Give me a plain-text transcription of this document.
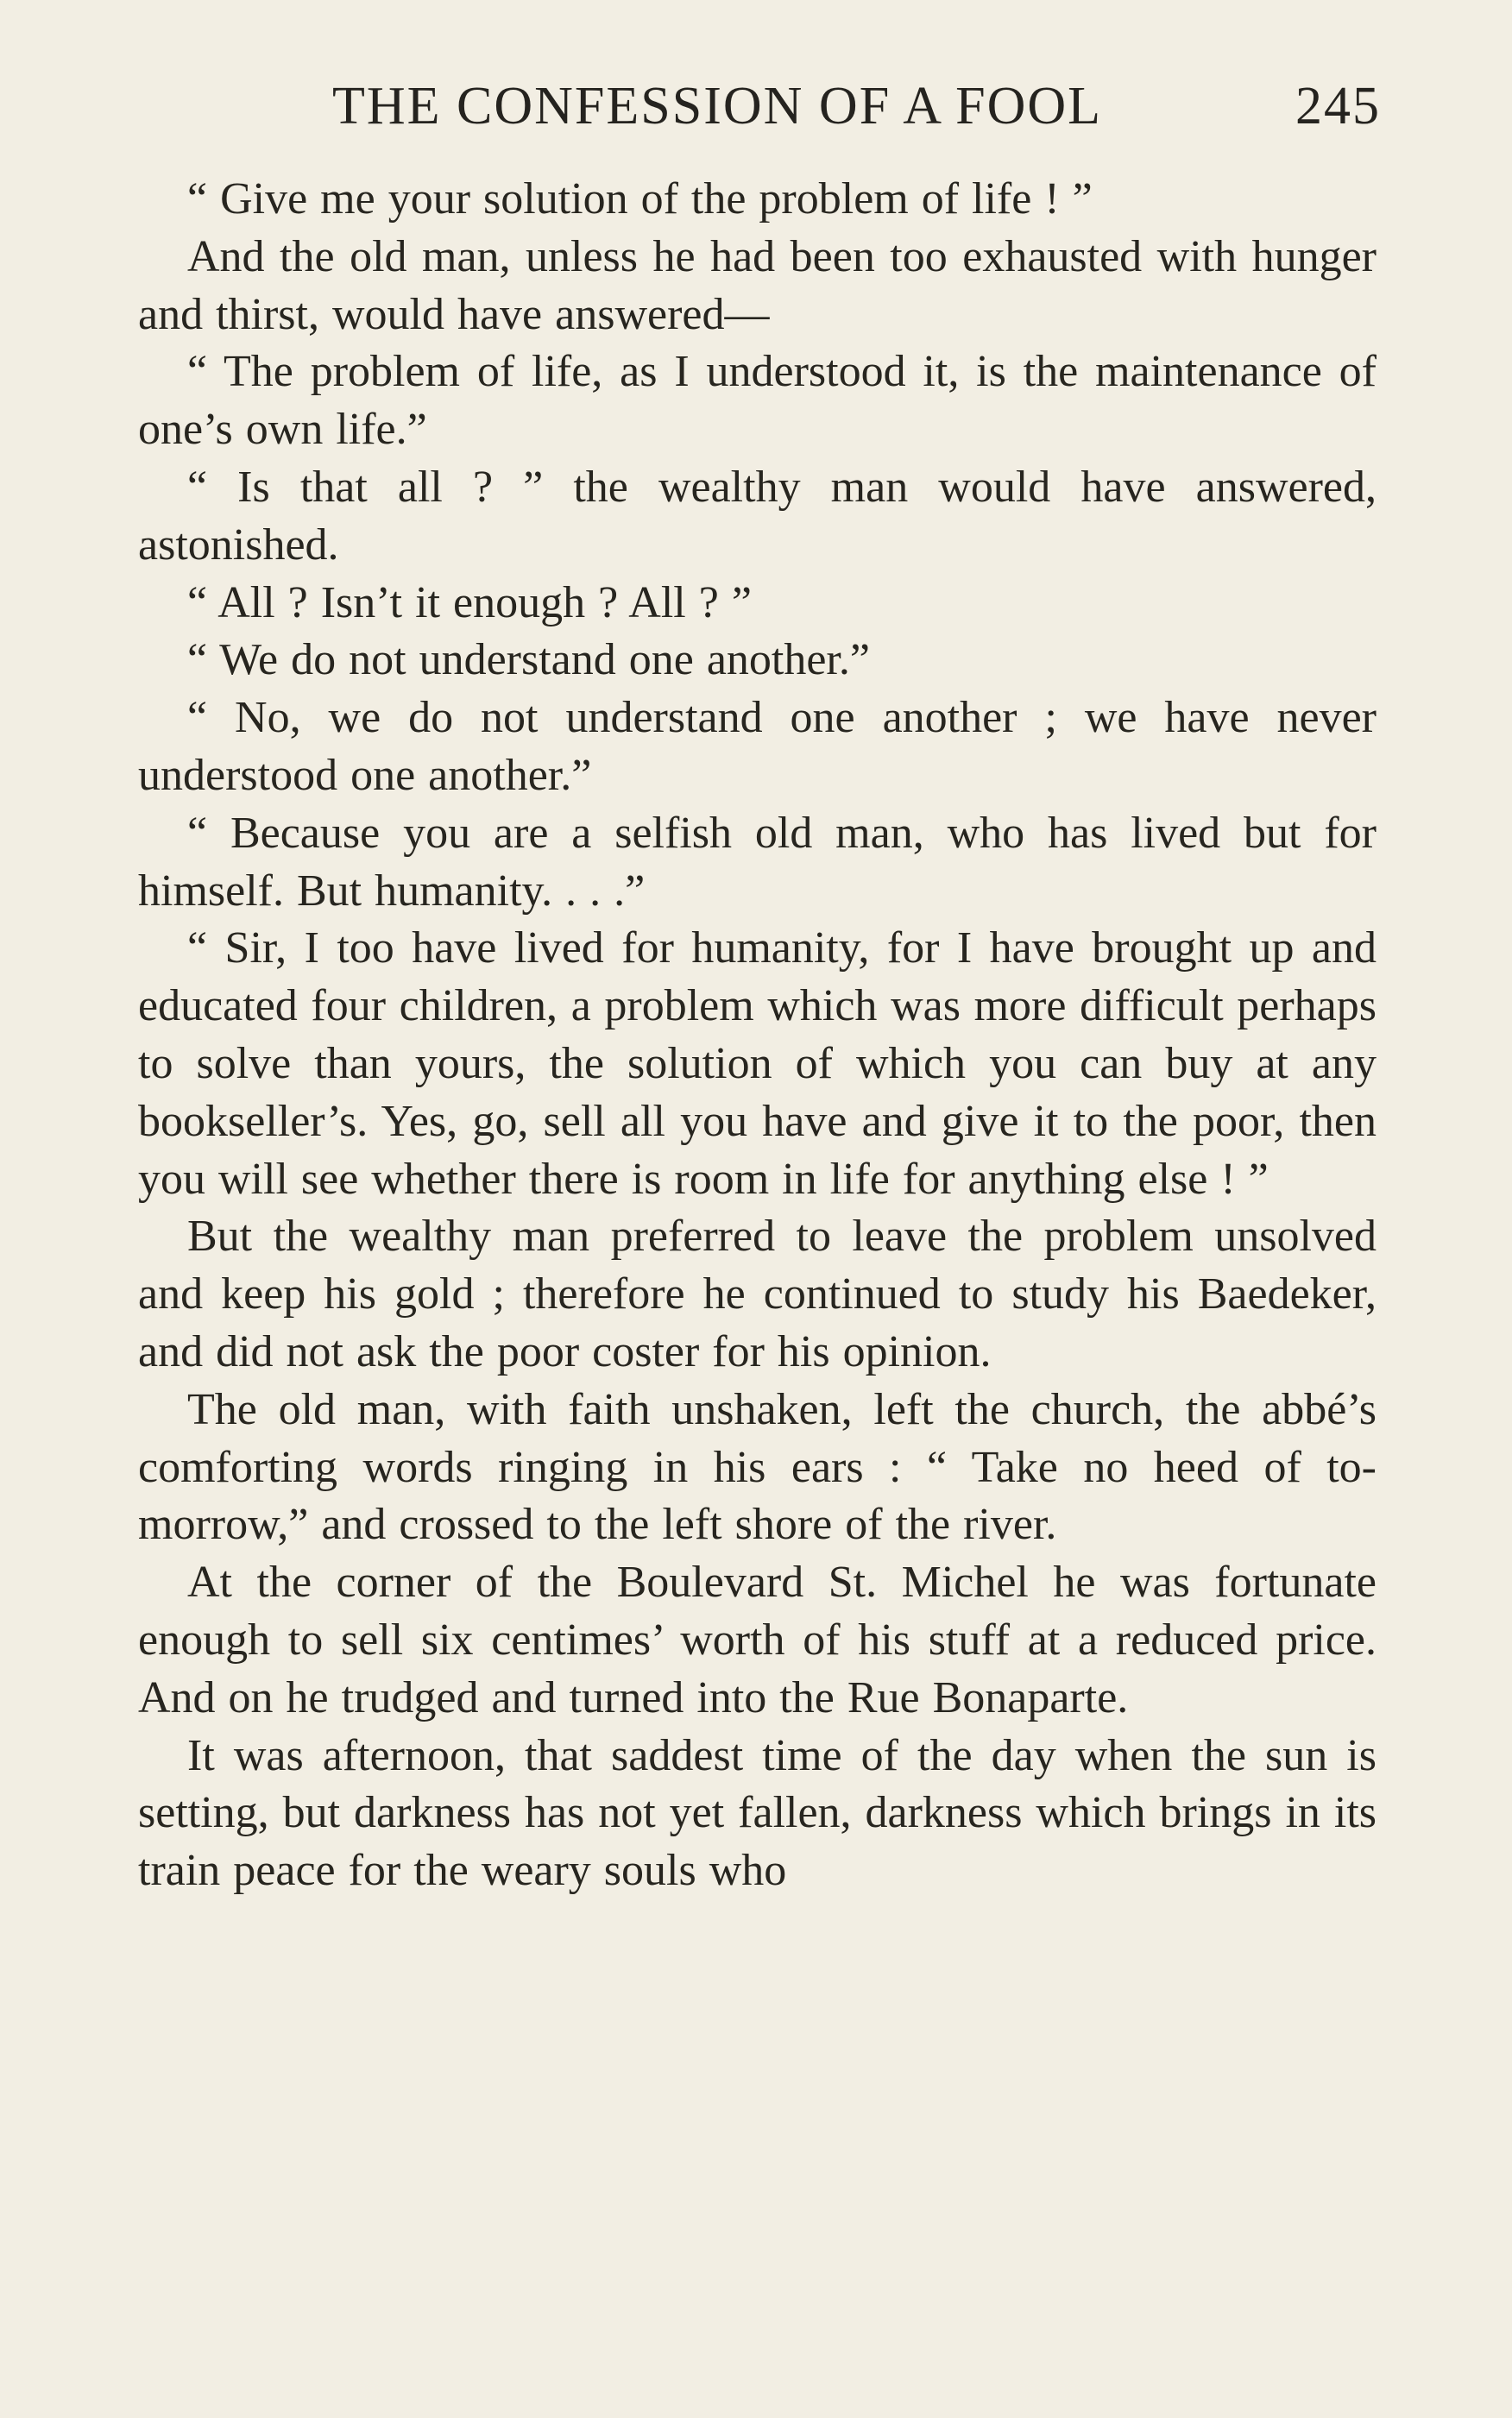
THE CONFESSION OF A FOOL	245

“ Give me your solution of the problem of life ! ”

And the old man, unless he had been too exhausted with hunger and thirst, would have answered—

“ The problem of life, as I understood it, is the maintenance of one’s own life.”

“ Is that all ? ” the wealthy man would have answered, astonished.

“ All ? Isn’t it enough ? All ? ”

“ We do not understand one another.”

“ No, we do not understand one another ; we have never understood one another.”

“ Because you are a selfish old man, who has lived but for himself. But humanity. . . .”

“ Sir, I too have lived for humanity, for I have brought up and educated four children, a problem which was more difficult perhaps to solve than yours, the solution of which you can buy at any bookseller’s. Yes, go, sell all you have and give it to the poor, then you will see whether there is room in life for anything else ! ”

But the wealthy man preferred to leave the problem unsolved and keep his gold ; therefore he continued to study his Baedeker, and did not ask the poor coster for his opinion.

The old man, with faith unshaken, left the church, the abbé’s comforting words ringing in his ears : “ Take no heed of to-morrow,” and crossed to the left shore of the river.

At the corner of the Boulevard St. Michel he was fortunate enough to sell six centimes’ worth of his stuff at a reduced price. And on he trudged and turned into the Rue Bonaparte.

It was afternoon, that saddest time of the day when the sun is setting, but darkness has not yet fallen, darkness which brings in its train peace for the weary souls who
